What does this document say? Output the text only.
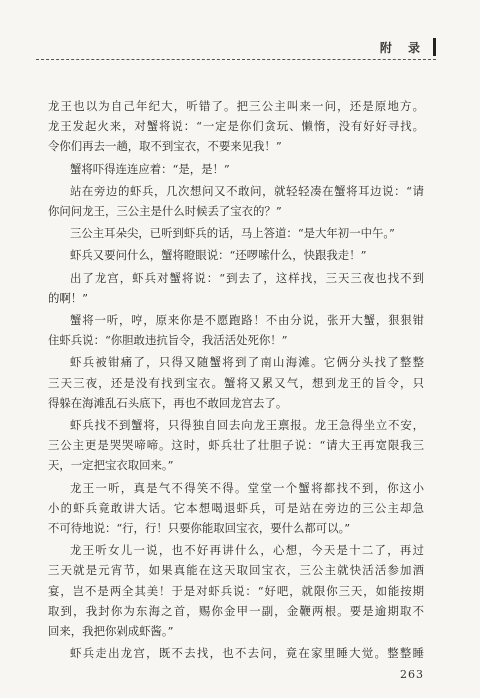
附 录
龙王也以为自己年纪大，听错了。把三公主叫来一问，还是原地方。
龙王发起火来，对蟹将说：“一定是你们贪玩、懒惰，没有好好寻找。
令你们再去一趟，取不到宝衣，不要来见我！”
蟹将吓得连连应着：“是，是！”
站在旁边的虾兵，几次想问又不敢问，就轻轻凑在蟹将耳边说：“请
你问问龙王，三公主是什么时候丢了宝衣的？”
三公主耳朵尖，已听到虾兵的话，马上答道：“是大年初一中午。”
虾兵又要问什么，蟹将瞪眼说：“还啰嗦什么，快跟我走！”
出了龙宫，虾兵对蟹将说：“到去了，这样找，三天三夜也找不到
的啊！”
蟹将一听，哼，原来你是不愿跑路！不由分说，张开大蟹，狠狠钳
住虾兵说：“你胆敢违抗旨令，我活活处死你！”
虾兵被钳痛了，只得又随蟹将到了南山海滩。它俩分头找了整整
三天三夜，还是没有找到宝衣。蟹将又累又气，想到龙王的旨令，只
得躲在海滩乱石头底下，再也不敢回龙宫去了。
虾兵找不到蟹将，只得独自回去向龙王禀报。龙王急得坐立不安，
三公主更是哭哭啼啼。这时，虾兵壮了壮胆子说：“请大王再宽限我三
天，一定把宝衣取回来。”
龙王一听，真是气不得笑不得。堂堂一个蟹将都找不到，你这小
小的虾兵竟敢讲大话。它本想喝退虾兵，可是站在旁边的三公主却急
不可待地说：“行，行！只要你能取回宝衣，要什么都可以。”
龙王听女儿一说，也不好再讲什么，心想，今天是十二了，再过
三天就是元宵节，如果真能在这天取回宝衣，三公主就快活活参加酒
宴，岂不是两全其美！于是对虾兵说：“好吧，就限你三天，如能按期
取到，我封你为东海之首，赐你金甲一副，金鞭两根。要是逾期取不
回来，我把你剁成虾酱。”
虾兵走出龙宫，既不去找，也不去问，竟在家里睡大觉。整整睡
263
